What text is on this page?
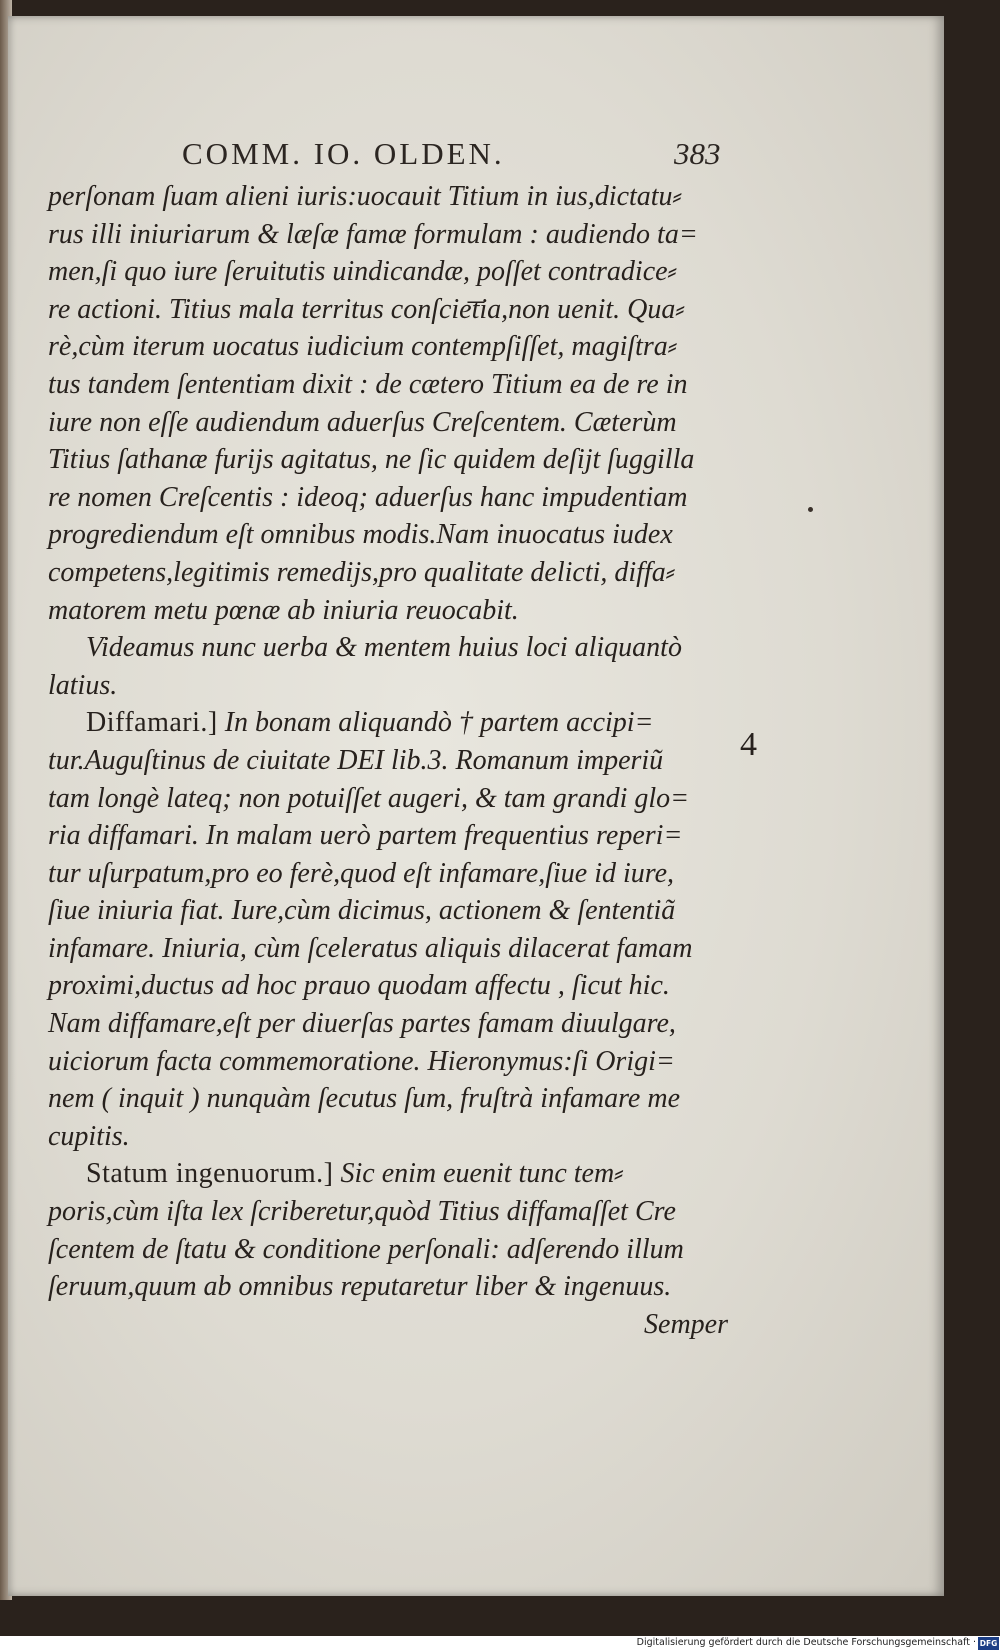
COMM. IO. OLDEN.	383
perſonam ſuam alieni iuris:uocauit Titium in ius,dictatu⸗
rus illi iniuriarum & læſæ famæ formulam : audiendo ta=
men,ſi quo iure ſeruitutis uindicandæ, poſſet contradice⸗
re actioni. Titius mala territus conſcie͞tia,non uenit. Qua⸗
rè,cùm iterum uocatus iudicium contempſiſſet, magiſtra⸗
tus tandem ſententiam dixit : de cætero Titium ea de re in
iure non eſſe audiendum aduerſus Creſcentem. Cæterùm
Titius ſathanæ furijs agitatus, ne ſic quidem deſijt ſuggilla
re nomen Creſcentis : ideoq; aduerſus hanc impudentiam
progrediendum eſt omnibus modis.Nam inuocatus iudex
competens,legitimis remedijs,pro qualitate delicti, diffa⸗
matorem metu pœnæ ab iniuria reuocabit.
Videamus nunc uerba & mentem huius loci aliquantò
latius.
Diffamari.] In bonam aliquandò † partem accipi=
tur.Auguſtinus de ciuitate DEI lib.3. Romanum imperiũ
tam longè lateq; non potuiſſet augeri, & tam grandi glo=
ria diffamari. In malam uerò partem frequentius reperi=
tur uſurpatum,pro eo ferè,quod eſt infamare,ſiue id iure,
ſiue iniuria fiat. Iure,cùm dicimus, actionem & ſententiã
infamare. Iniuria, cùm ſceleratus aliquis dilacerat famam
proximi,ductus ad hoc prauo quodam affectu , ſicut hic.
Nam diffamare,eſt per diuerſas partes famam diuulgare,
uiciorum facta commemoratione. Hieronymus:ſi Origi=
nem ( inquit ) nunquàm ſecutus ſum, fruſtrà infamare me
cupitis.
Statum ingenuorum.] Sic enim euenit tunc tem⸗
poris,cùm iſta lex ſcriberetur,quòd Titius diffamaſſet Cre
ſcentem de ſtatu & conditione perſonali: adſerendo illum
ſeruum,quum ab omnibus reputaretur liber & ingenuus.
Semper
4
Digitalisierung gefördert durch die Deutsche Forschungsgemeinschaft · DFG
